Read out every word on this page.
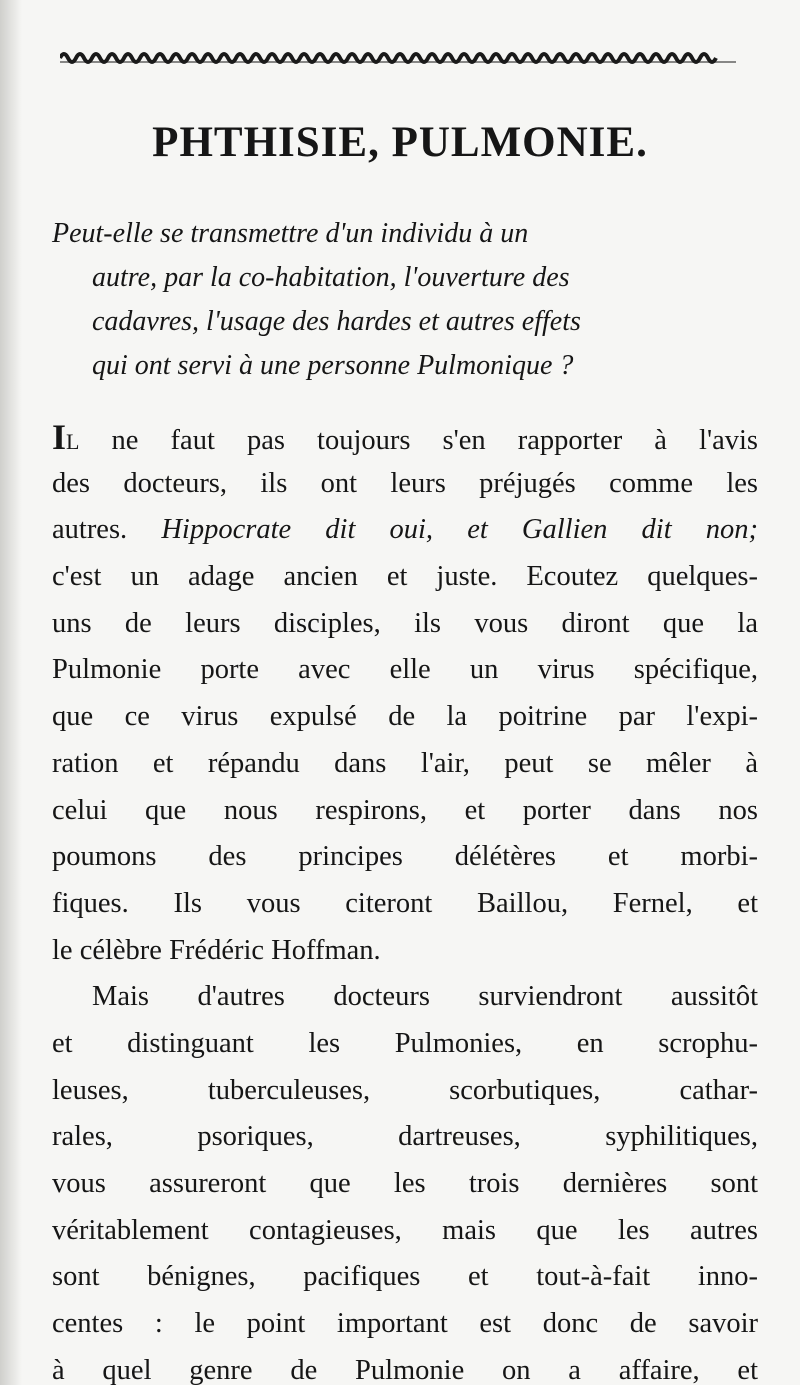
PHTHISIE, PULMONIE.
Peut-elle se transmettre d'un individu à un
autre, par la co-habitation, l'ouverture des
cadavres, l'usage des hardes et autres effets
qui ont servi à une personne Pulmonique ?
IL ne faut pas toujours s'en rapporter à l'avis
des docteurs, ils ont leurs préjugés comme les
autres. Hippocrate dit oui, et Gallien dit non;
c'est un adage ancien et juste. Ecoutez quelques-
uns de leurs disciples, ils vous diront que la
Pulmonie porte avec elle un virus spécifique,
que ce virus expulsé de la poitrine par l'expi-
ration et répandu dans l'air, peut se mêler à
celui que nous respirons, et porter dans nos
poumons des principes délétères et morbi-
fiques. Ils vous citeront Baillou, Fernel, et
le célèbre Frédéric Hoffman.
Mais d'autres docteurs surviendront aussitôt
et distinguant les Pulmonies, en scrophu-
leuses, tuberculeuses, scorbutiques, cathar-
rales, psoriques, dartreuses, syphilitiques,
vous assureront que les trois dernières sont
véritablement contagieuses, mais que les autres
sont bénignes, pacifiques et tout-à-fait inno-
centes : le point important est donc de savoir
à quel genre de Pulmonie on a affaire, et
